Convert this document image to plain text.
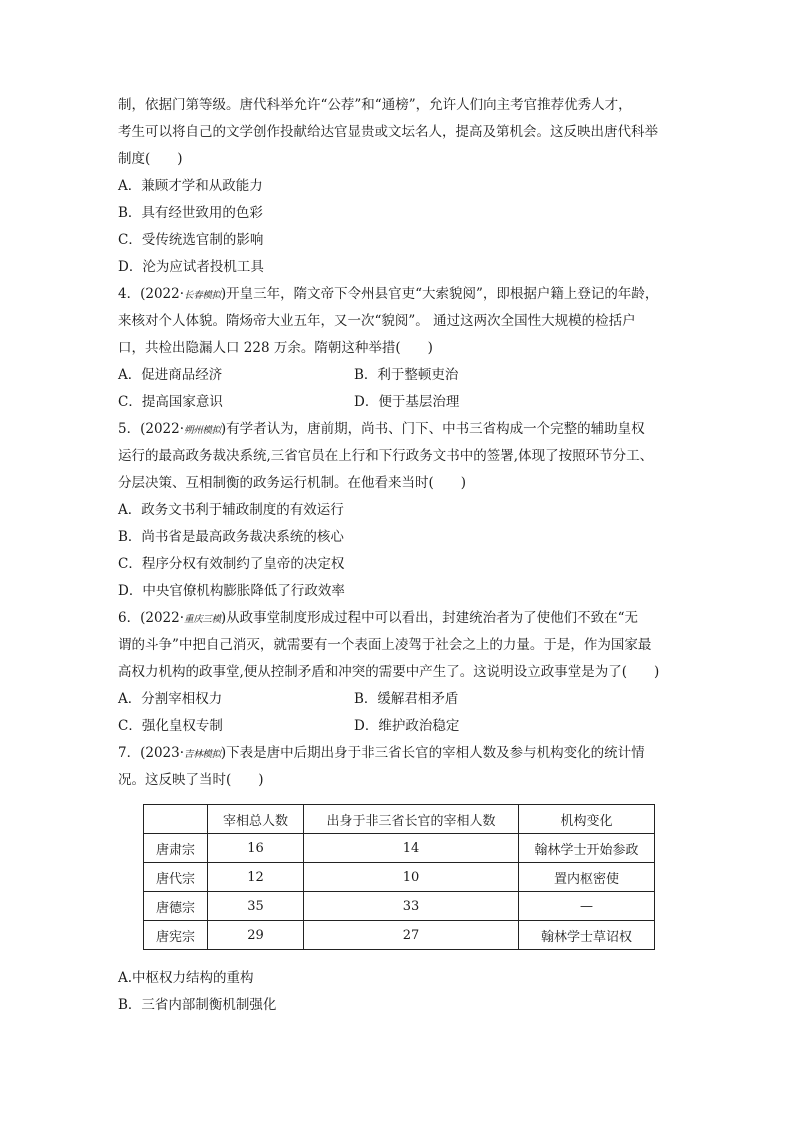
制，依据门第等级。唐代科举允许“公荐”和“通榜”，允许人们向主考官推荐优秀人才，
考生可以将自己的文学创作投献给达官显贵或文坛名人，提高及第机会。这反映出唐代科举
制度(　　)
A．兼顾才学和从政能力
B．具有经世致用的色彩
C．受传统选官制的影响
D．沦为应试者投机工具
4．(2022·长春模拟)开皇三年，隋文帝下令州县官吏“大索貌阅”，即根据户籍上登记的年龄，
来核对个人体貌。隋炀帝大业五年，又一次“貌阅”。 通过这两次全国性大规模的检括户
口，共检出隐漏人口 228 万余。隋朝这种举措(　　)
A．促进商品经济	B．利于整顿吏治
C．提高国家意识	D．便于基层治理
5．(2022·朔州模拟)有学者认为，唐前期，尚书、门下、中书三省构成一个完整的辅助皇权
运行的最高政务裁决系统,三省官员在上行和下行政务文书中的签署,体现了按照环节分工、
分层决策、互相制衡的政务运行机制。在他看来当时(　　)
A．政务文书利于辅政制度的有效运行
B．尚书省是最高政务裁决系统的核心
C．程序分权有效制约了皇帝的决定权
D．中央官僚机构膨胀降低了行政效率
6．(2022·重庆三模)从政事堂制度形成过程中可以看出，封建统治者为了使他们不致在“无
谓的斗争”中把自己消灭，就需要有一个表面上凌驾于社会之上的力量。于是，作为国家最
高权力机构的政事堂,便从控制矛盾和冲突的需要中产生了。这说明设立政事堂是为了(　　)
A．分割宰相权力	B．缓解君相矛盾
C．强化皇权专制	D．维护政治稳定
7．(2023·吉林模拟)下表是唐中后期出身于非三省长官的宰相人数及参与机构变化的统计情
况。这反映了当时(　　)
	宰相总人数	出身于非三省长官的宰相人数	机构变化
唐肃宗	16	14	翰林学士开始参政
唐代宗	12	10	置内枢密使
唐德宗	35	33	—
唐宪宗	29	27	翰林学士草诏权
A.中枢权力结构的重构
B．三省内部制衡机制强化
